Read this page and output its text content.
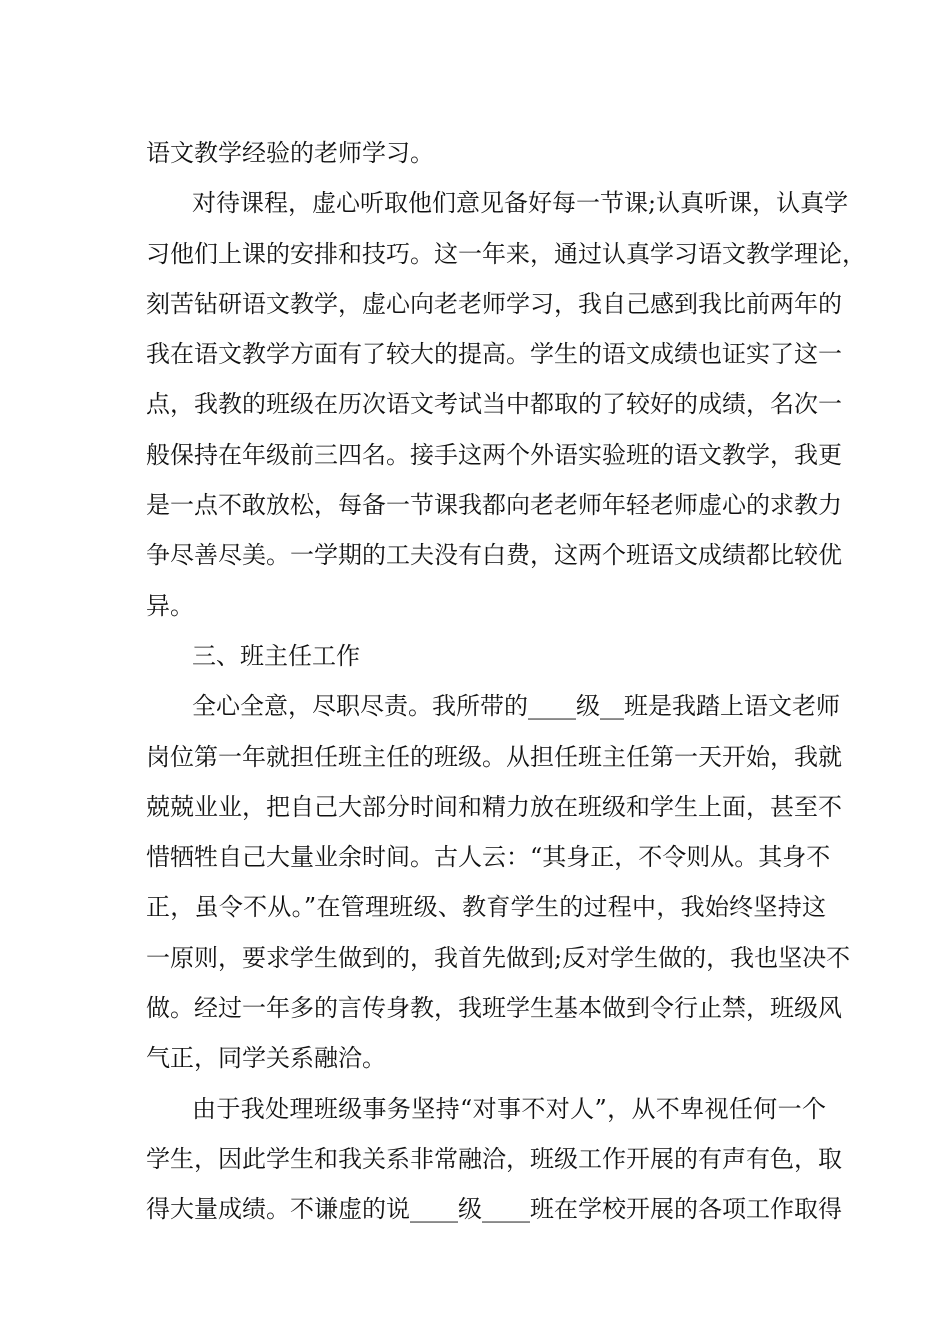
语文教学经验的老师学习。
对待课程，虚心听取他们意见备好每一节课;认真听课，认真学
习他们上课的安排和技巧。这一年来，通过认真学习语文教学理论，
刻苦钻研语文教学，虚心向老老师学习，我自己感到我比前两年的
我在语文教学方面有了较大的提高。学生的语文成绩也证实了这一
点，我教的班级在历次语文考试当中都取的了较好的成绩，名次一
般保持在年级前三四名。接手这两个外语实验班的语文教学，我更
是一点不敢放松，每备一节课我都向老老师年轻老师虚心的求教力
争尽善尽美。一学期的工夫没有白费，这两个班语文成绩都比较优
异。
三、班主任工作
全心全意，尽职尽责。我所带的____级__班是我踏上语文老师
岗位第一年就担任班主任的班级。从担任班主任第一天开始，我就
兢兢业业，把自己大部分时间和精力放在班级和学生上面，甚至不
惜牺牲自己大量业余时间。古人云：“其身正，不令则从。其身不
正，虽令不从。”在管理班级、教育学生的过程中，我始终坚持这
一原则，要求学生做到的，我首先做到;反对学生做的，我也坚决不
做。经过一年多的言传身教，我班学生基本做到令行止禁，班级风
气正，同学关系融洽。
由于我处理班级事务坚持“对事不对人”，从不卑视任何一个
学生，因此学生和我关系非常融洽，班级工作开展的有声有色，取
得大量成绩。不谦虚的说____级____班在学校开展的各项工作取得
